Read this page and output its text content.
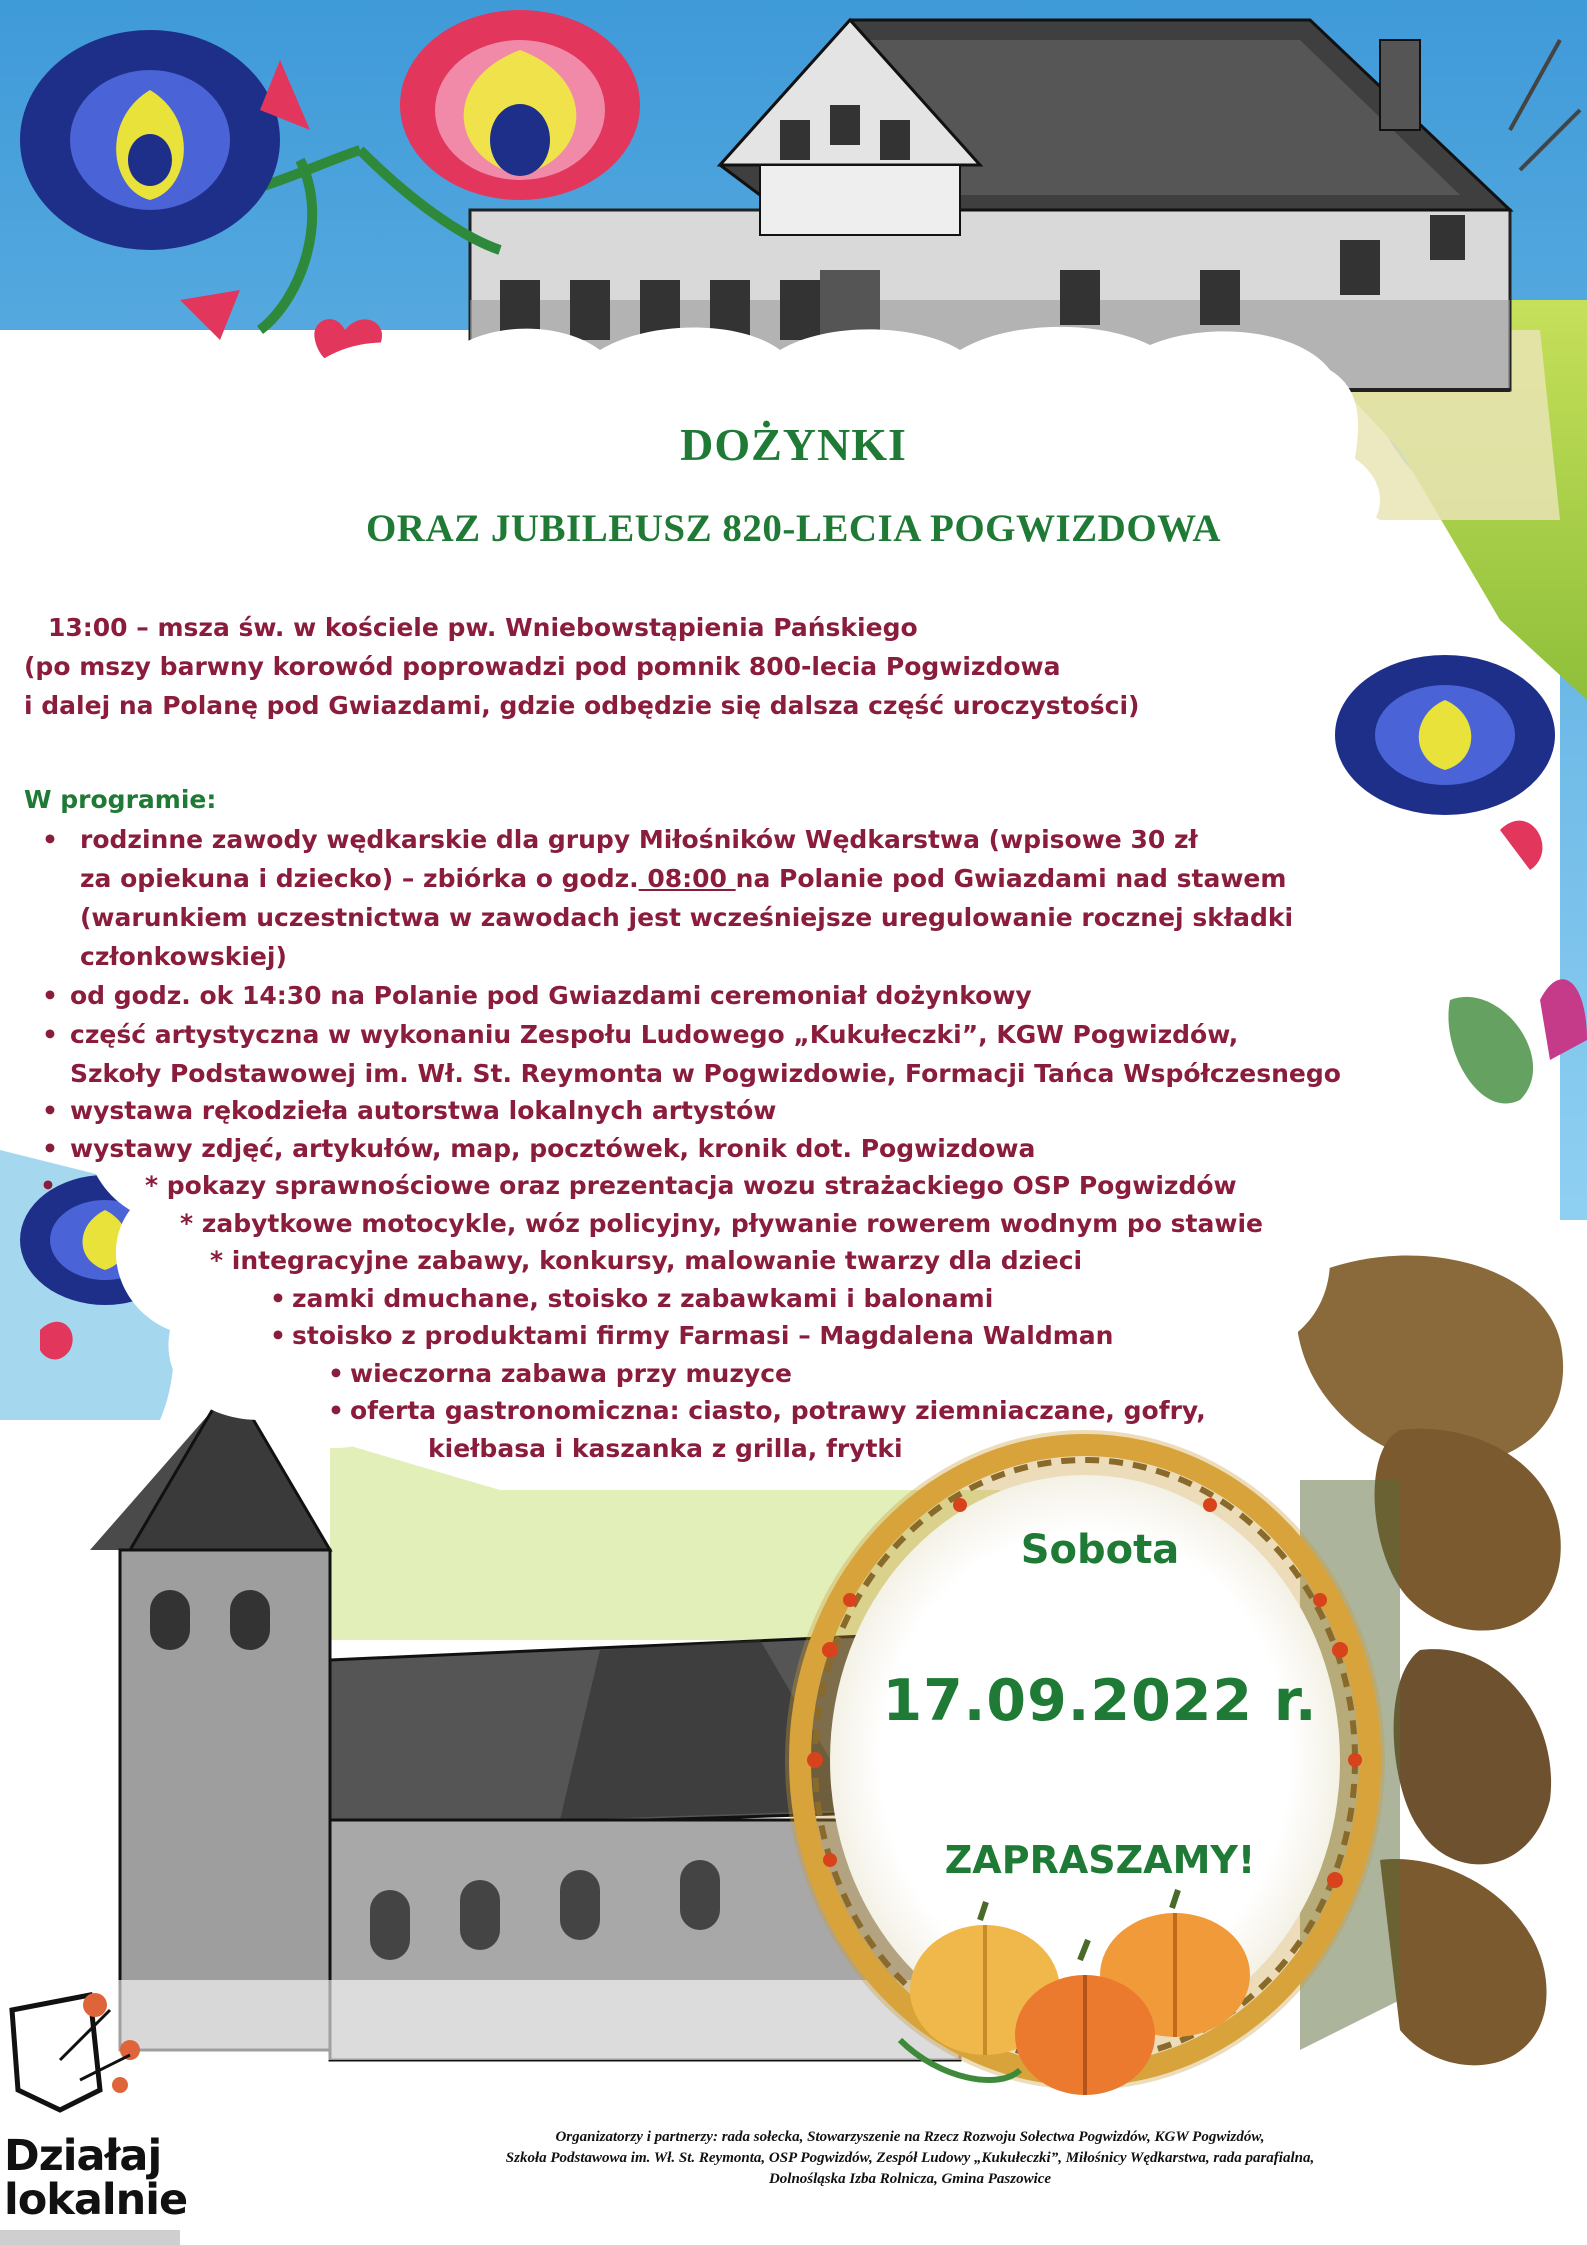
DOŻYNKI
ORAZ JUBILEUSZ 820-LECIA POGWIZDOWA
13:00 – msza św. w kościele pw. Wniebowstąpienia Pańskiego
(po mszy barwny korowód poprowadzi pod pomnik 800-lecia Pogwizdowa
i dalej na Polanę pod Gwiazdami, gdzie odbędzie się dalsza część uroczystości)
W programie:
• rodzinne zawody wędkarskie dla grupy Miłośników Wędkarstwa (wpisowe 30 zł
za opiekuna i dziecko) – zbiórka o godz. 08:00 na Polanie pod Gwiazdami nad stawem
(warunkiem uczestnictwa w zawodach jest wcześniejsze uregulowanie rocznej składki
członkowskiej)
• od godz. ok 14:30 na Polanie pod Gwiazdami ceremoniał dożynkowy
• część artystyczna w wykonaniu Zespołu Ludowego „Kukułeczki”, KGW Pogwizdów,
Szkoły Podstawowej im. Wł. St. Reymonta w Pogwizdowie, Formacji Tańca Współczesnego
• wystawa rękodzieła autorstwa lokalnych artystów
• wystawy zdjęć, artykułów, map, pocztówek, kronik dot. Pogwizdowa
•	* pokazy sprawnościowe oraz prezentacja wozu strażackiego OSP Pogwizdów
* zabytkowe motocykle, wóz policyjny, pływanie rowerem wodnym po stawie
* integracyjne zabawy, konkursy, malowanie twarzy dla dzieci
• zamki dmuchane, stoisko z zabawkami i balonami
• stoisko z produktami firmy Farmasi – Magdalena Waldman
• wieczorna zabawa przy muzyce
• oferta gastronomiczna: ciasto, potrawy ziemniaczane, gofry,
kiełbasa i kaszanka z grilla, frytki
Sobota
17.09.2022 r.
ZAPRASZAMY!
Organizatorzy i partnerzy: rada sołecka, Stowarzyszenie na Rzecz Rozwoju Sołectwa Pogwizdów, KGW Pogwizdów,
Szkoła Podstawowa im. Wł. St. Reymonta, OSP Pogwizdów, Zespół Ludowy „Kukułeczki”, Miłośnicy Wędkarstwa, rada parafialna,
Dolnośląska Izba Rolnicza, Gmina Paszowice
Działaj
lokalnie
